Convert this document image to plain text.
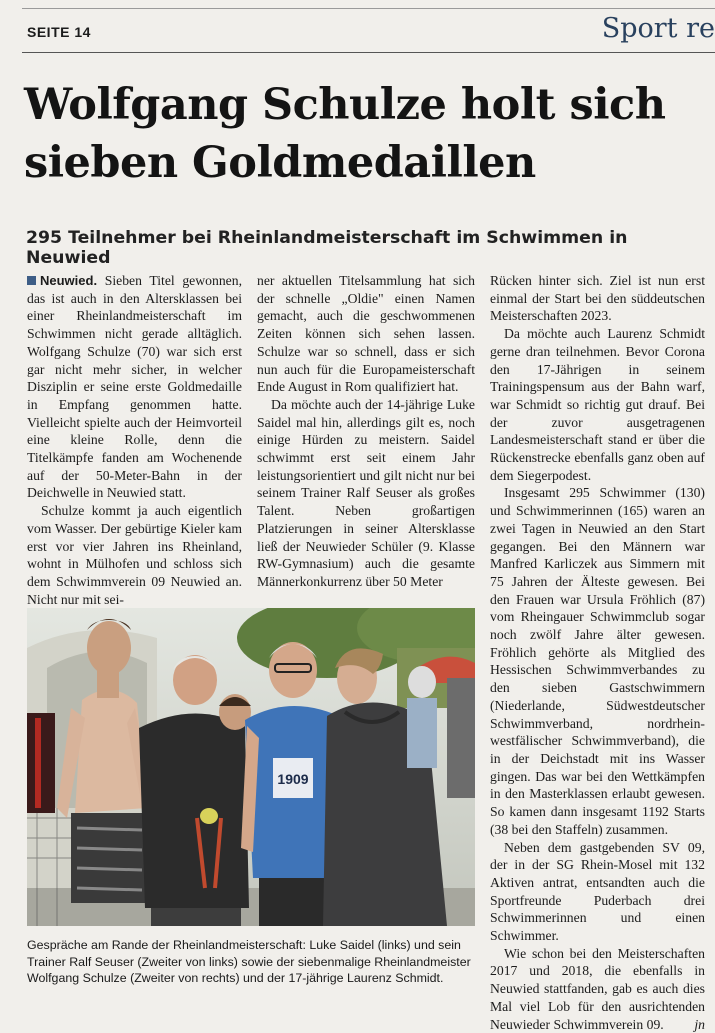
SEITE 14	Sport re
Wolfgang Schulze holt sich sieben Goldmedaillen
295 Teilnehmer bei Rheinlandmeisterschaft im Schwimmen in Neuwied

Neuwied. Sieben Titel gewonnen, das ist auch in den Altersklassen bei einer Rheinlandmeisterschaft im Schwimmen nicht gerade alltäglich. Wolfgang Schulze (70) war sich erst gar nicht mehr sicher, in welcher Disziplin er seine erste Goldmedaille in Empfang genommen hatte. Vielleicht spielte auch der Heimvorteil eine kleine Rolle, denn die Titelkämpfe fanden am Wochenende auf der 50-Meter-Bahn in der Deichwelle in Neuwied statt.

Schulze kommt ja auch eigentlich vom Wasser. Der gebürtige Kieler kam erst vor vier Jahren ins Rheinland, wohnt in Mülhofen und schloss sich dem Schwimmverein 09 Neuwied an. Nicht nur mit sei-

ner aktuellen Titelsammlung hat sich der schnelle „Oldie" einen Namen gemacht, auch die geschwommenen Zeiten können sich sehen lassen. Schulze war so schnell, dass er sich nun auch für die Europameisterschaft Ende August in Rom qualifiziert hat.

Da möchte auch der 14-jährige Luke Saidel mal hin, allerdings gilt es, noch einige Hürden zu meistern. Saidel schwimmt erst seit einem Jahr leistungsorientiert und gilt nicht nur bei seinem Trainer Ralf Seuser als großes Talent. Neben großartigen Platzierungen in seiner Altersklasse ließ der Neuwieder Schüler (9. Klasse RW-Gymnasium) auch die gesamte Männerkonkurrenz über 50 Meter

Rücken hinter sich. Ziel ist nun erst einmal der Start bei den süddeutschen Meisterschaften 2023.

Da möchte auch Laurenz Schmidt gerne dran teilnehmen. Bevor Corona den 17-Jährigen in seinem Trainingspensum aus der Bahn warf, war Schmidt so richtig gut drauf. Bei der zuvor ausgetragenen Landesmeisterschaft stand er über die Rückenstrecke ebenfalls ganz oben auf dem Siegerpodest.

Insgesamt 295 Schwimmer (130) und Schwimmerinnen (165) waren an zwei Tagen in Neuwied an den Start gegangen. Bei den Männern war Manfred Karliczek aus Simmern mit 75 Jahren der Älteste gewesen. Bei den Frauen war Ursula Fröhlich (87) vom Rheingauer Schwimmclub sogar noch zwölf Jahre älter gewesen. Fröhlich gehörte als Mitglied des Hessischen Schwimmverbandes zu den sieben Gastschwimmern (Niederlande, Südwestdeutscher Schwimmverband, nordrhein-westfälischer Schwimmverband), die in der Deichstadt mit ins Wasser gingen. Das war bei den Wettkämpfen in den Masterklassen erlaubt gewesen. So kamen dann insgesamt 1192 Starts (38 bei den Staffeln) zusammen.

Neben dem gastgebenden SV 09, der in der SG Rhein-Mosel mit 132 Aktiven antrat, entsandten auch die Sportfreunde Puderbach drei Schwimmerinnen und einen Schwimmer.

Wie schon bei den Meisterschaften 2017 und 2018, die ebenfalls in Neuwied stattfanden, gab es auch dies Mal viel Lob für den ausrichtenden Neuwieder Schwimmverein 09.	jn

1909

Gespräche am Rande der Rheinlandmeisterschaft: Luke Saidel (links) und sein Trainer Ralf Seuser (Zweiter von links) sowie der siebenmalige Rheinlandmeister Wolfgang Schulze (Zweiter von rechts) und der 17-jährige Laurenz Schmidt.
